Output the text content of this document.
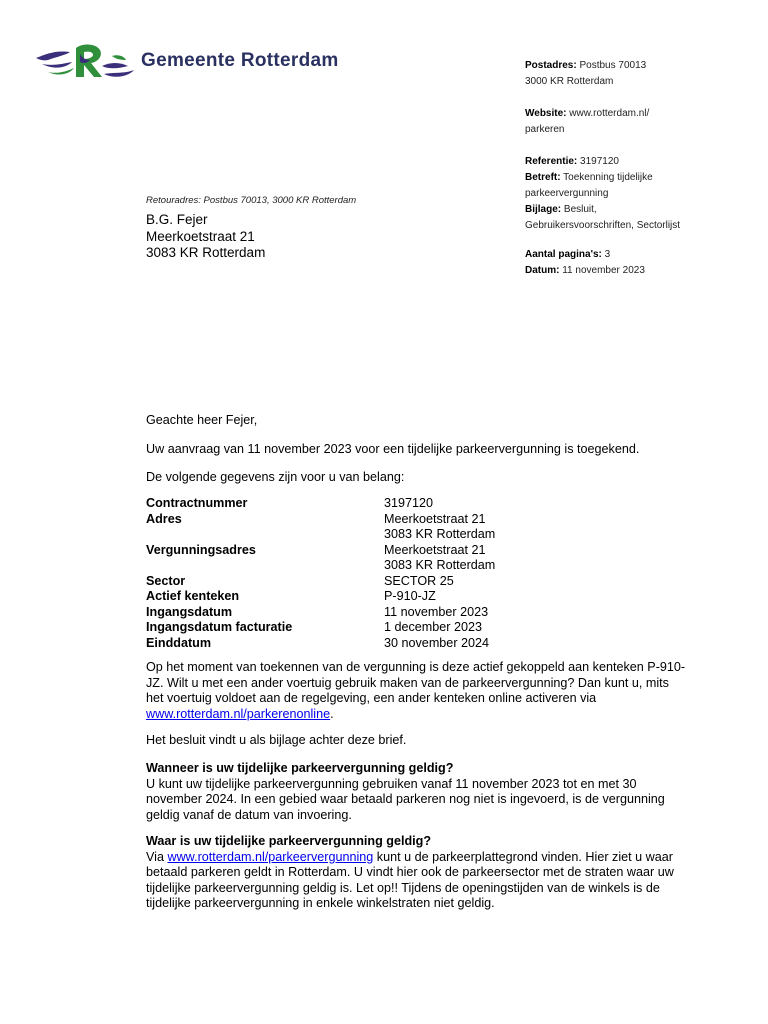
Gemeente Rotterdam	Postadres: Postbus 70013
3000 KR Rotterdam
Website: www.rotterdam.nl/
parkeren
Referentie: 3197120
Betreft: Toekenning tijdelijke
parkeervergunning
Bijlage: Besluit,
Gebruikersvoorschriften, Sectorlijst
Aantal pagina's: 3
Datum: 11 november 2023
Retouradres: Postbus 70013, 3000 KR Rotterdam
B.G. Fejer
Meerkoetstraat 21
3083 KR Rotterdam
Geachte heer Fejer,
Uw aanvraag van 11 november 2023 voor een tijdelijke parkeervergunning is toegekend.
De volgende gegevens zijn voor u van belang:
Contractnummer	3197120
Adres	Meerkoetstraat 21
3083 KR Rotterdam
Vergunningsadres	Meerkoetstraat 21
3083 KR Rotterdam
Sector	SECTOR 25
Actief kenteken	P-910-JZ
Ingangsdatum	11 november 2023
Ingangsdatum facturatie	1 december 2023
Einddatum	30 november 2024
Op het moment van toekennen van de vergunning is deze actief gekoppeld aan kenteken P-910-JZ. Wilt u met een ander voertuig gebruik maken van de parkeervergunning? Dan kunt u, mits het voertuig voldoet aan de regelgeving, een ander kenteken online activeren via www.rotterdam.nl/parkerenonline.
Het besluit vindt u als bijlage achter deze brief.
Wanneer is uw tijdelijke parkeervergunning geldig?
U kunt uw tijdelijke parkeervergunning gebruiken vanaf 11 november 2023 tot en met 30 november 2024. In een gebied waar betaald parkeren nog niet is ingevoerd, is de vergunning geldig vanaf de datum van invoering.
Waar is uw tijdelijke parkeervergunning geldig?
Via www.rotterdam.nl/parkeervergunning kunt u de parkeerplattegrond vinden. Hier ziet u waar betaald parkeren geldt in Rotterdam. U vindt hier ook de parkeersector met de straten waar uw tijdelijke parkeervergunning geldig is. Let op!! Tijdens de openingstijden van de winkels is de tijdelijke parkeervergunning in enkele winkelstraten niet geldig.
